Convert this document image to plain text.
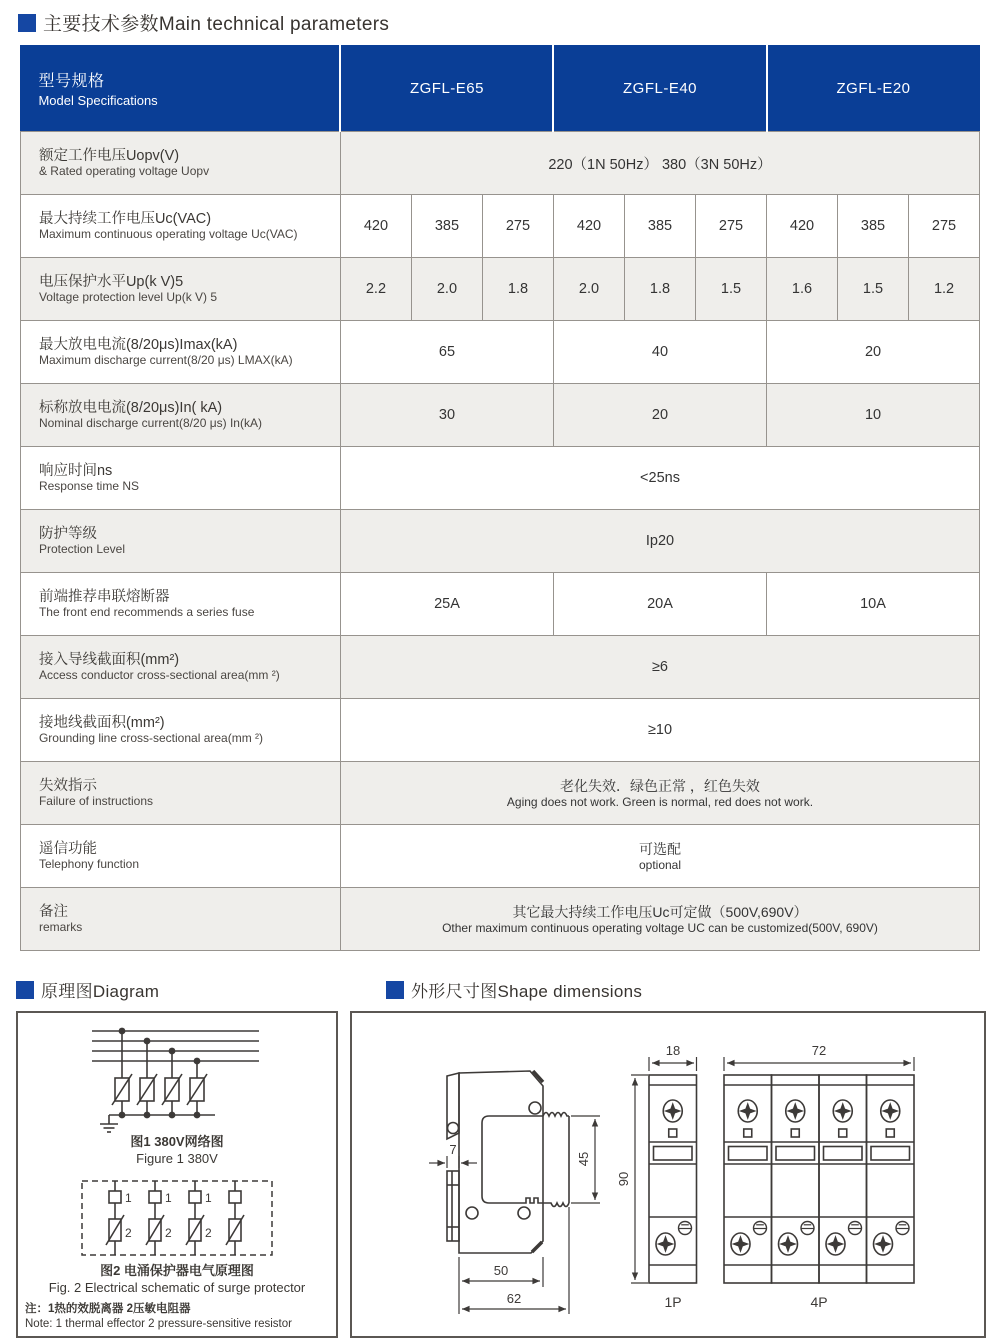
主要技术参数Main technical parameters
型号规格
Model Specifications	ZGFL-E65			ZGFL-E40			ZGFL-E20		

额定工作电压Uopv(V)
& Rated operating voltage Uopv	220（1N 50Hz） 380（3N 50Hz）								

最大持续工作电压Uc(VAC)
Maximum continuous operating voltage Uc(VAC)	420	385	275	420	385	275	420	385	275

电压保护水平Up(k V)5
Voltage protection level Up(k V) 5	2.2	2.0	1.8	2.0	1.8	1.5	1.6	1.5	1.2

最大放电电流(8/20μs)Imax(kA)
Maximum discharge current(8/20 μs) LMAX(kA)	65			40			20		

标称放电电流(8/20μs)In( kA)
Nominal discharge current(8/20 μs) In(kA)	30			20			10		

响应时间ns
Response time NS	<25ns								

防护等级
Protection Level	Ip20								

前端推荐串联熔断器
The front end recommends a series fuse	25A			20A			10A		

接入导线截面积(mm²)
Access conductor cross-sectional area(mm ²)	≥6								

接地线截面积(mm²)
Grounding line cross-sectional area(mm ²)	≥10								

失效指示
Failure of instructions	老化失效．绿色正常 ，红色失效
Aging does not work. Green is normal, red does not work.								

遥信功能
Telephony function	可选配
optional								

备注
remarks	其它最大持续工作电压Uc可定做（500V,690V）
Other maximum continuous operating voltage UC can be customized(500V, 690V)								
原理图Diagram
图1 380V网络图
Figure 1 380V
1	1	1
2	2	2
图2 电涌保护器电气原理图
Fig. 2 Electrical schematic of surge protector
注：1热的效脱离器 2压敏电阻器
Note: 1 thermal effector 2 pressure-sensitive resistor
外形尺寸图Shape dimensions
7
45
50
62
90
18	72
1P	4P
